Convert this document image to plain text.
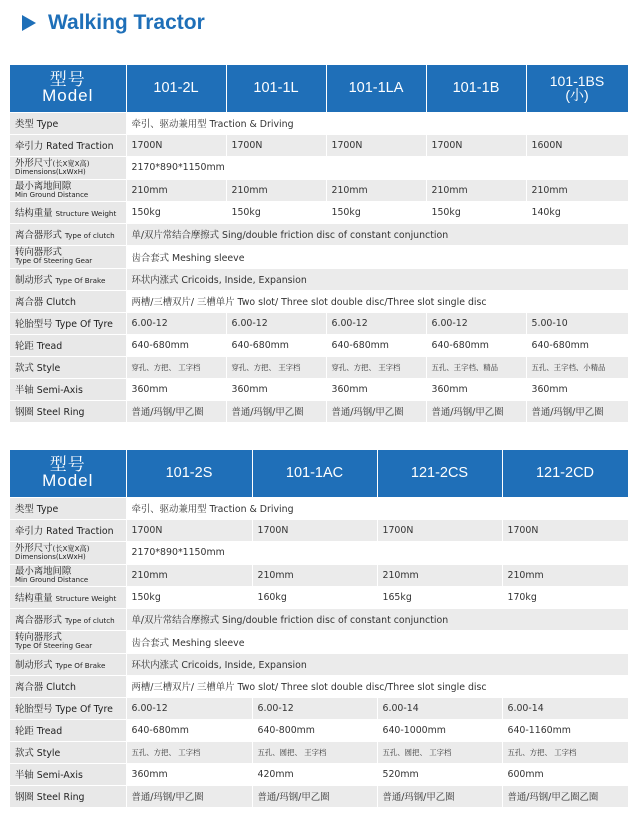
Walking Tractor
型号
Model	101-2L	101-1L	101-1LA	101-1B	101-1BS
(小)
类型 Type	牵引、驱动兼用型 Traction & Driving				
牵引力 Rated Traction	1700N	1700N	1700N	1700N	1600N

外形尺寸(长X宽X高)
Dimensions(LxWxH)	2170*890*1150mm				

最小离地间隙
Min Ground Distance	210mm	210mm	210mm	210mm	210mm
结构重量 Structure Weight	150kg	150kg	150kg	150kg	140kg
离合器形式 Type of clutch	单/双片常结合摩擦式 Sing/double friction disc of constant conjunction				

转向器形式
Type Of Steering Gear	齿合套式 Meshing sleeve				
制动形式 Type Of Brake	环状内涨式 Cricoids, Inside, Expansion				
离合器 Clutch	两槽/三槽双片/ 三槽单片 Two slot/ Three slot double disc/Three slot single disc				
轮胎型号 Type Of Tyre	6.00-12	6.00-12	6.00-12	6.00-12	5.00-10
轮距 Tread	640-680mm	640-680mm	640-680mm	640-680mm	640-680mm
款式 Style	穿孔、方把、 工字档	穿孔、方把、 王字档	穿孔、方把、 王字档	五孔、王字档、精品	五孔、王字档、小精品
半轴 Semi-Axis	360mm	360mm	360mm	360mm	360mm
钢圈 Steel Ring	普通/玛钢/甲乙圈	普通/玛钢/甲乙圈	普通/玛钢/甲乙圈	普通/玛钢/甲乙圈	普通/玛钢/甲乙圈
型号
Model	101-2S	101-1AC	121-2CS	121-2CD
类型 Type	牵引、驱动兼用型 Traction & Driving			
牵引力 Rated Traction	1700N	1700N	1700N	1700N

外形尺寸(长X宽X高)
Dimensions(LxWxH)	2170*890*1150mm			

最小离地间隙
Min Ground Distance	210mm	210mm	210mm	210mm
结构重量 Structure Weight	150kg	160kg	165kg	170kg
离合器形式 Type of clutch	单/双片常结合摩擦式 Sing/double friction disc of constant conjunction			

转向器形式
Type Of Steering Gear	齿合套式 Meshing sleeve			
制动形式 Type Of Brake	环状内涨式 Cricoids, Inside, Expansion			
离合器 Clutch	两槽/三槽双片/ 三槽单片 Two slot/ Three slot double disc/Three slot single disc			
轮胎型号 Type Of Tyre	6.00-12	6.00-12	6.00-14	6.00-14
轮距 Tread	640-680mm	640-800mm	640-1000mm	640-1160mm
款式 Style	五孔、方把、 工字档	五孔、圆把、 王字档	五孔、圆把、 工字档	五孔、方把、 工字档
半轴 Semi-Axis	360mm	420mm	520mm	600mm
钢圈 Steel Ring	普通/玛钢/甲乙圈	普通/玛钢/甲乙圈	普通/玛钢/甲乙圈	普通/玛钢/甲乙圈乙圈
